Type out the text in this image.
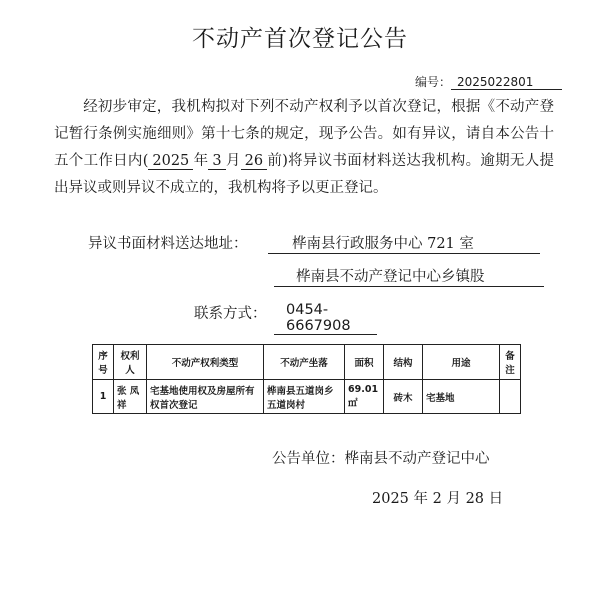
不动产首次登记公告
编号： 2025022801
  经初步审定，我机构拟对下列不动产权利予以首次登记，根据《不动产登记暂行条例实施细则》第十七条的规定，现予公告。如有异议，请自本公告十五个工作日内( 2025 年 3 月 26 前)将异议书面材料送达我机构。逾期无人提出异议或则异议不成立的，我机构将予以更正登记。
异议书面材料送达地址：	桦南县行政服务中心 721 室
桦南县不动产登记中心乡镇股
联系方式：	0454-6667908
序号	权利人	不动产权利类型	不动产坐落	面积	结构	用途	备注
1	张 凤祥	宅基地使用权及房屋所有权首次登记	桦南县五道岗乡五道岗村	69.01㎡	砖木	宅基地	
公告单位：桦南县不动产登记中心
2025 年 2 月 28 日
